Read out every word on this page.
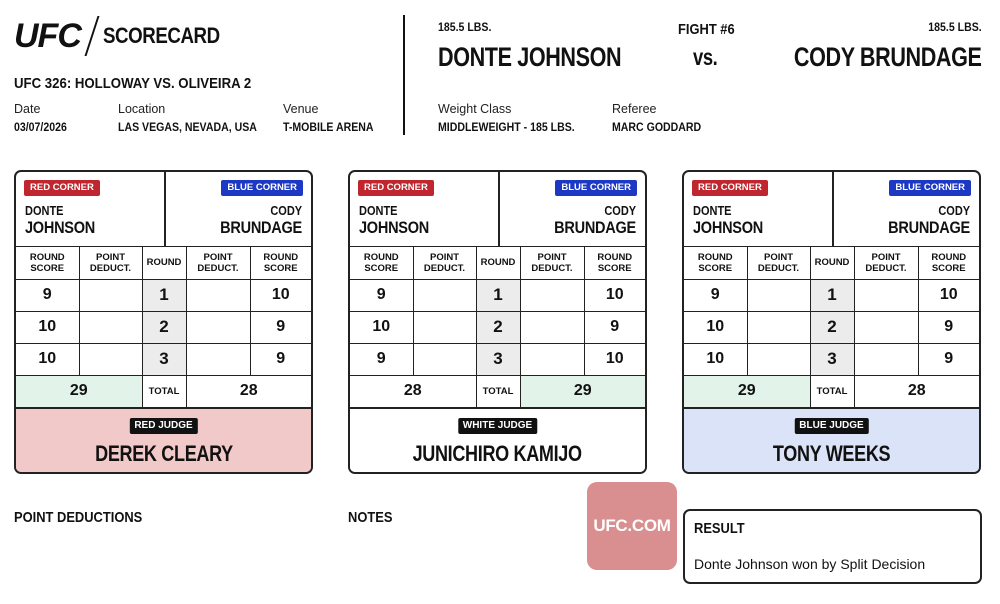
UFC SCORECARD
UFC 326: HOLLOWAY VS. OLIVEIRA 2
Date
03/07/2026
Location
LAS VEGAS, NEVADA, USA
Venue
T-MOBILE ARENA
185.5 LBS.	185.5 LBS.
FIGHT #6
DONTE JOHNSON	vs.	CODY BRUNDAGE
Weight Class
MIDDLEWEIGHT - 185 LBS.
Referee
MARC GODDARD
RED CORNER	BLUE CORNER
DONTE
JOHNSON
CODY
BRUNDAGE
ROUND SCORE	POINT DEDUCT.	ROUND	POINT DEDUCT.	ROUND SCORE
9		1		10
10		2		9
10		3		9
29		TOTAL	28	
RED JUDGE
DEREK CLEARY
RED CORNER	BLUE CORNER
DONTE
JOHNSON
CODY
BRUNDAGE
ROUND SCORE	POINT DEDUCT.	ROUND	POINT DEDUCT.	ROUND SCORE
9		1		10
10		2		9
9		3		10
28		TOTAL	29	
WHITE JUDGE
JUNICHIRO KAMIJO
RED CORNER	BLUE CORNER
DONTE
JOHNSON
CODY
BRUNDAGE
ROUND SCORE	POINT DEDUCT.	ROUND	POINT DEDUCT.	ROUND SCORE
9		1		10
10		2		9
10		3		9
29		TOTAL	28	
BLUE JUDGE
TONY WEEKS
POINT DEDUCTIONS	NOTES	UFC.COM	RESULT
Donte Johnson won by Split Decision
